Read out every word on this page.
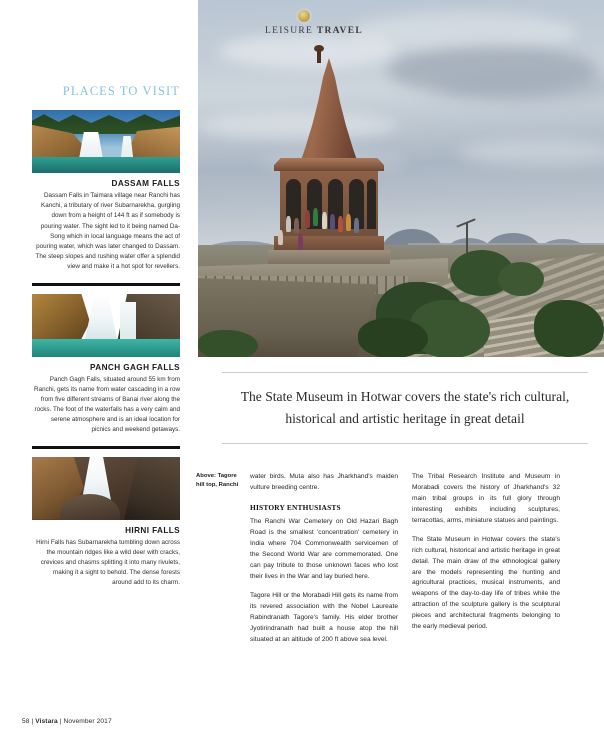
LEISURE TRAVEL
PLACES TO VISIT
DASSAM FALLS
Dassam Falls in Taimara village near Ranchi has Kanchi, a tributary of river Subarnarekha, gurgling down from a height of 144 ft as if somebody is pouring water. The sight led to it being named Da-Song which in local language means the act of pouring water, which was later changed to Dassam. The steep slopes and rushing water offer a splendid view and make it a hot spot for revellers.
PANCH GAGH FALLS
Panch Gagh Falls, situated around 55 km from Ranchi, gets its name from water cascading in a row from five different streams of Banai river along the rocks. The foot of the waterfalls has a very calm and serene atmosphere and is an ideal location for picnics and weekend getaways.
HIRNI FALLS
Hirni Falls has Subarnarekha tumbling down across the mountain ridges like a wild deer with cracks, crevices and chasms splitting it into many rivulets, making it a sight to behold. The dense forests around add to its charm.
The State Museum in Hotwar covers the state's rich cultural, historical and artistic heritage in great detail
Above: Tagore hill top, Ranchi

water birds. Muta also has Jharkhand's maiden vulture breeding centre.

HISTORY ENTHUSIASTS

The Ranchi War Cemetery on Old Hazari Bagh Road is the smallest 'concentration' cemetery in India where 704 Commonwealth servicemen of the Second World War are commemorated. One can pay tribute to those unknown faces who lost their lives in the War and lay buried here.

Tagore Hill or the Morabadi Hill gets its name from its revered association with the Nobel Laureate Rabindranath Tagore's family. His elder brother Jyotirindranath had built a house atop the hill situated at an altitude of 200 ft above sea level.

The Tribal Research Institute and Museum in Morabadi covers the history of Jharkhand's 32 main tribal groups in its full glory through interesting exhibits including sculptures, terracottas, arms, miniature statues and paintings.

The State Museum in Hotwar covers the state's rich cultural, historical and artistic heritage in great detail. The main draw of the ethnological gallery are the models representing the hunting and agricultural practices, musical instruments, and weapons of the day-to-day life of tribes while the attraction of the sculpture gallery is the sculptural pieces and architectural fragments belonging to the early medieval period.

58 | Vistara | November 2017
